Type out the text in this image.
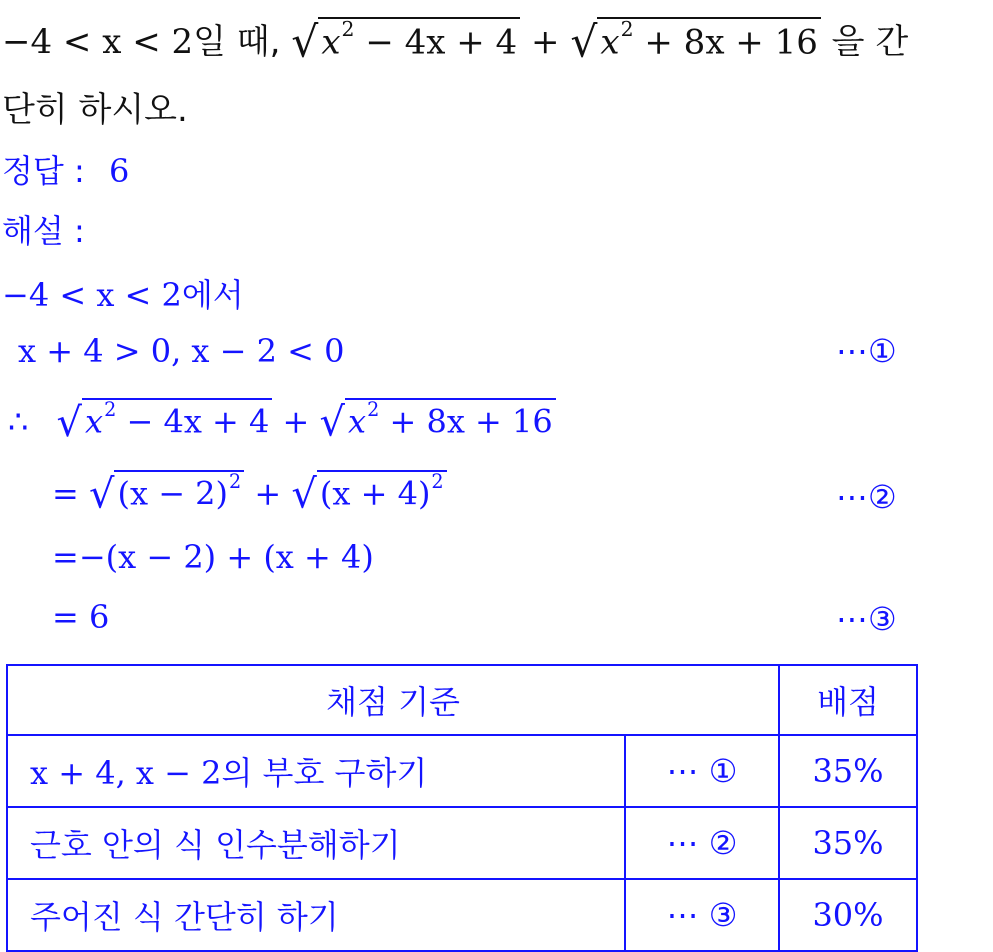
−4 < x < 2일 때, $√x^2 - 4x + 4 + √x^2 + 8x + 16$ 을 간
단히 하시오.
정답 : 6
해설 :
−4 < x < 2에서
x + 4 > 0, x − 2 < 0	⋯①
∴ $√x^2 - 4x + 4 + √x^2 + 8x + 16$
= $√(x - 2)^2 + √(x + 4)^2$	⋯②
=−(x − 2) + (x + 4)
= 6	⋯③
채점 기준		배점
x + 4, x − 2의 부호 구하기	⋯ ①	35%
근호 안의 식 인수분해하기	⋯ ②	35%
주어진 식 간단히 하기	⋯ ③	30%
